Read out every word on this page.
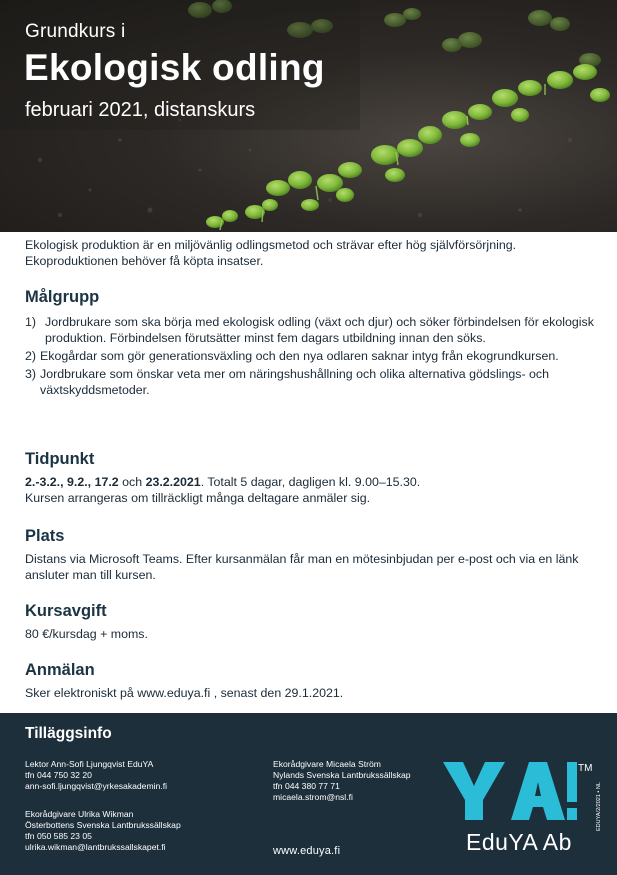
Grundkurs i
Ekologisk odling
februari 2021, distanskurs

Ekologisk produktion är en miljövänlig odlingsmetod och strävar efter hög självförsörjning. Ekoproduktionen behöver få köpta insatser.

Målgrupp
1) Jordbrukare som ska börja med ekologisk odling (växt och djur) och söker förbindelsen för ekologisk produktion. Förbindelsen förutsätter minst fem dagars utbildning innan den söks.
2) Ekogårdar som gör generationsväxling och den nya odlaren saknar intyg från ekogrundkursen.
3) Jordbrukare som önskar veta mer om näringshushållning och olika alternativa gödslings- och växtskyddsmetoder.
Tidpunkt
2.-3.2., 9.2., 17.2 och 23.2.2021. Totalt 5 dagar, dagligen kl. 9.00–15.30.
Kursen arrangeras om tillräckligt många deltagare anmäler sig.
Plats

Distans via Microsoft Teams. Efter kursanmälan får man en mötesinbjudan per e-post och via en länk ansluter man till kursen.

Kursavgift

80 €/kursdag + moms.

Anmälan

Sker elektroniskt på www.eduya.fi , senast den 29.1.2021.

Tilläggsinfo
Lektor Ann-Sofi Ljungqvist EduYA
tfn 044 750 32 20
ann-sofi.ljungqvist@yrkesakademin.fi
Ekorådgivare Ulrika Wikman
Österbottens Svenska Lantbrukssällskap
tfn 050 585 23 05
ulrika.wikman@lantbrukssallskapet.fi
Ekorådgivare Micaela Ström
Nylands Svenska Lantbrukssällskap
tfn 044 380 77 71
micaela.strom@nsl.fi
www.eduya.fi
TM
EduYA Ab
EDUYA/2/2021 • NL
